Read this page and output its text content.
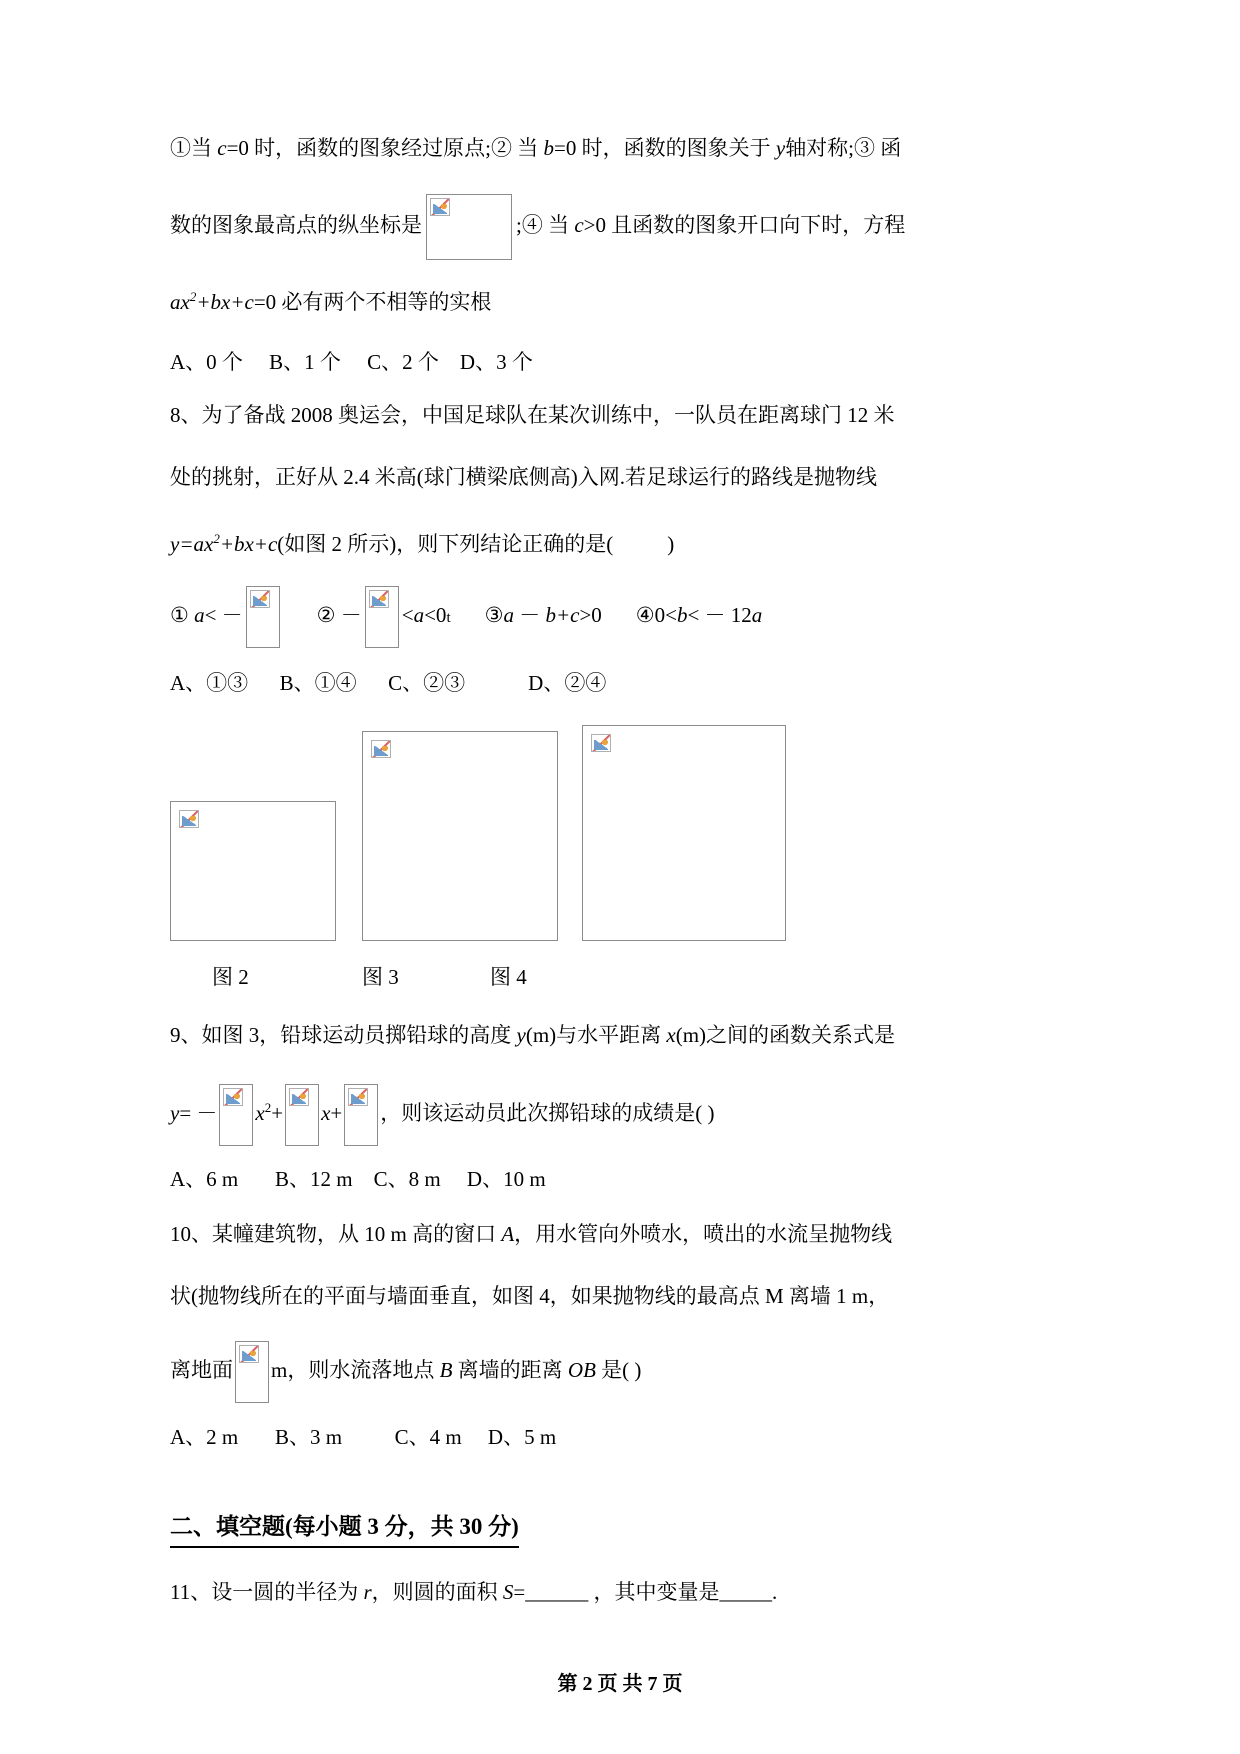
①当 c=0 时，函数的图象经过原点;② 当 b=0 时，函数的图象关于 y轴对称;③ 函

数的图象最高点的纵坐标是	;④ 当 c>0 且函数的图象开口向下时，方程

$ax^2+bx+c=0$ 必有两个不相等的实根

A、0 个     B、1 个     C、2 个    D、3 个

8、为了备战 2008 奥运会，中国足球队在某次训练中，一队员在距离球门 12 米

处的挑射，正好从 2.4 米高(球门横梁底侧高)入网.若足球运行的路线是抛物线

$y=ax^2+bx+c$(如图 2 所示)，则下列结论正确的是(	)

① a< －	② － <a<0t ③a － b+c>0 ④0<b< － 12a

A、①③      B、①④      C、②③            D、②④

图 2	图 3	图 4

9、如图 3，铅球运动员掷铅球的高度 y(m)与水平距离 x(m)之间的函数关系式是

$y= - x^2+ x+$ ，则该运动员此次掷铅球的成绩是( )

A、6 m       B、12 m    C、8 m     D、10 m

10、某幢建筑物，从 10 m 高的窗口 A，用水管向外喷水，喷出的水流呈抛物线

状(抛物线所在的平面与墙面垂直，如图 4，如果抛物线的最高点 M 离墙 1 m，

离地面 m，则水流落地点 B 离墙的距离 OB 是( )

A、2 m       B、3 m          C、4 m     D、5 m

二、填空题(每小题 3 分，共 30 分)

11、设一圆的半径为 r，则圆的面积 S=______ ，其中变量是_____.

第 2 页 共 7 页
